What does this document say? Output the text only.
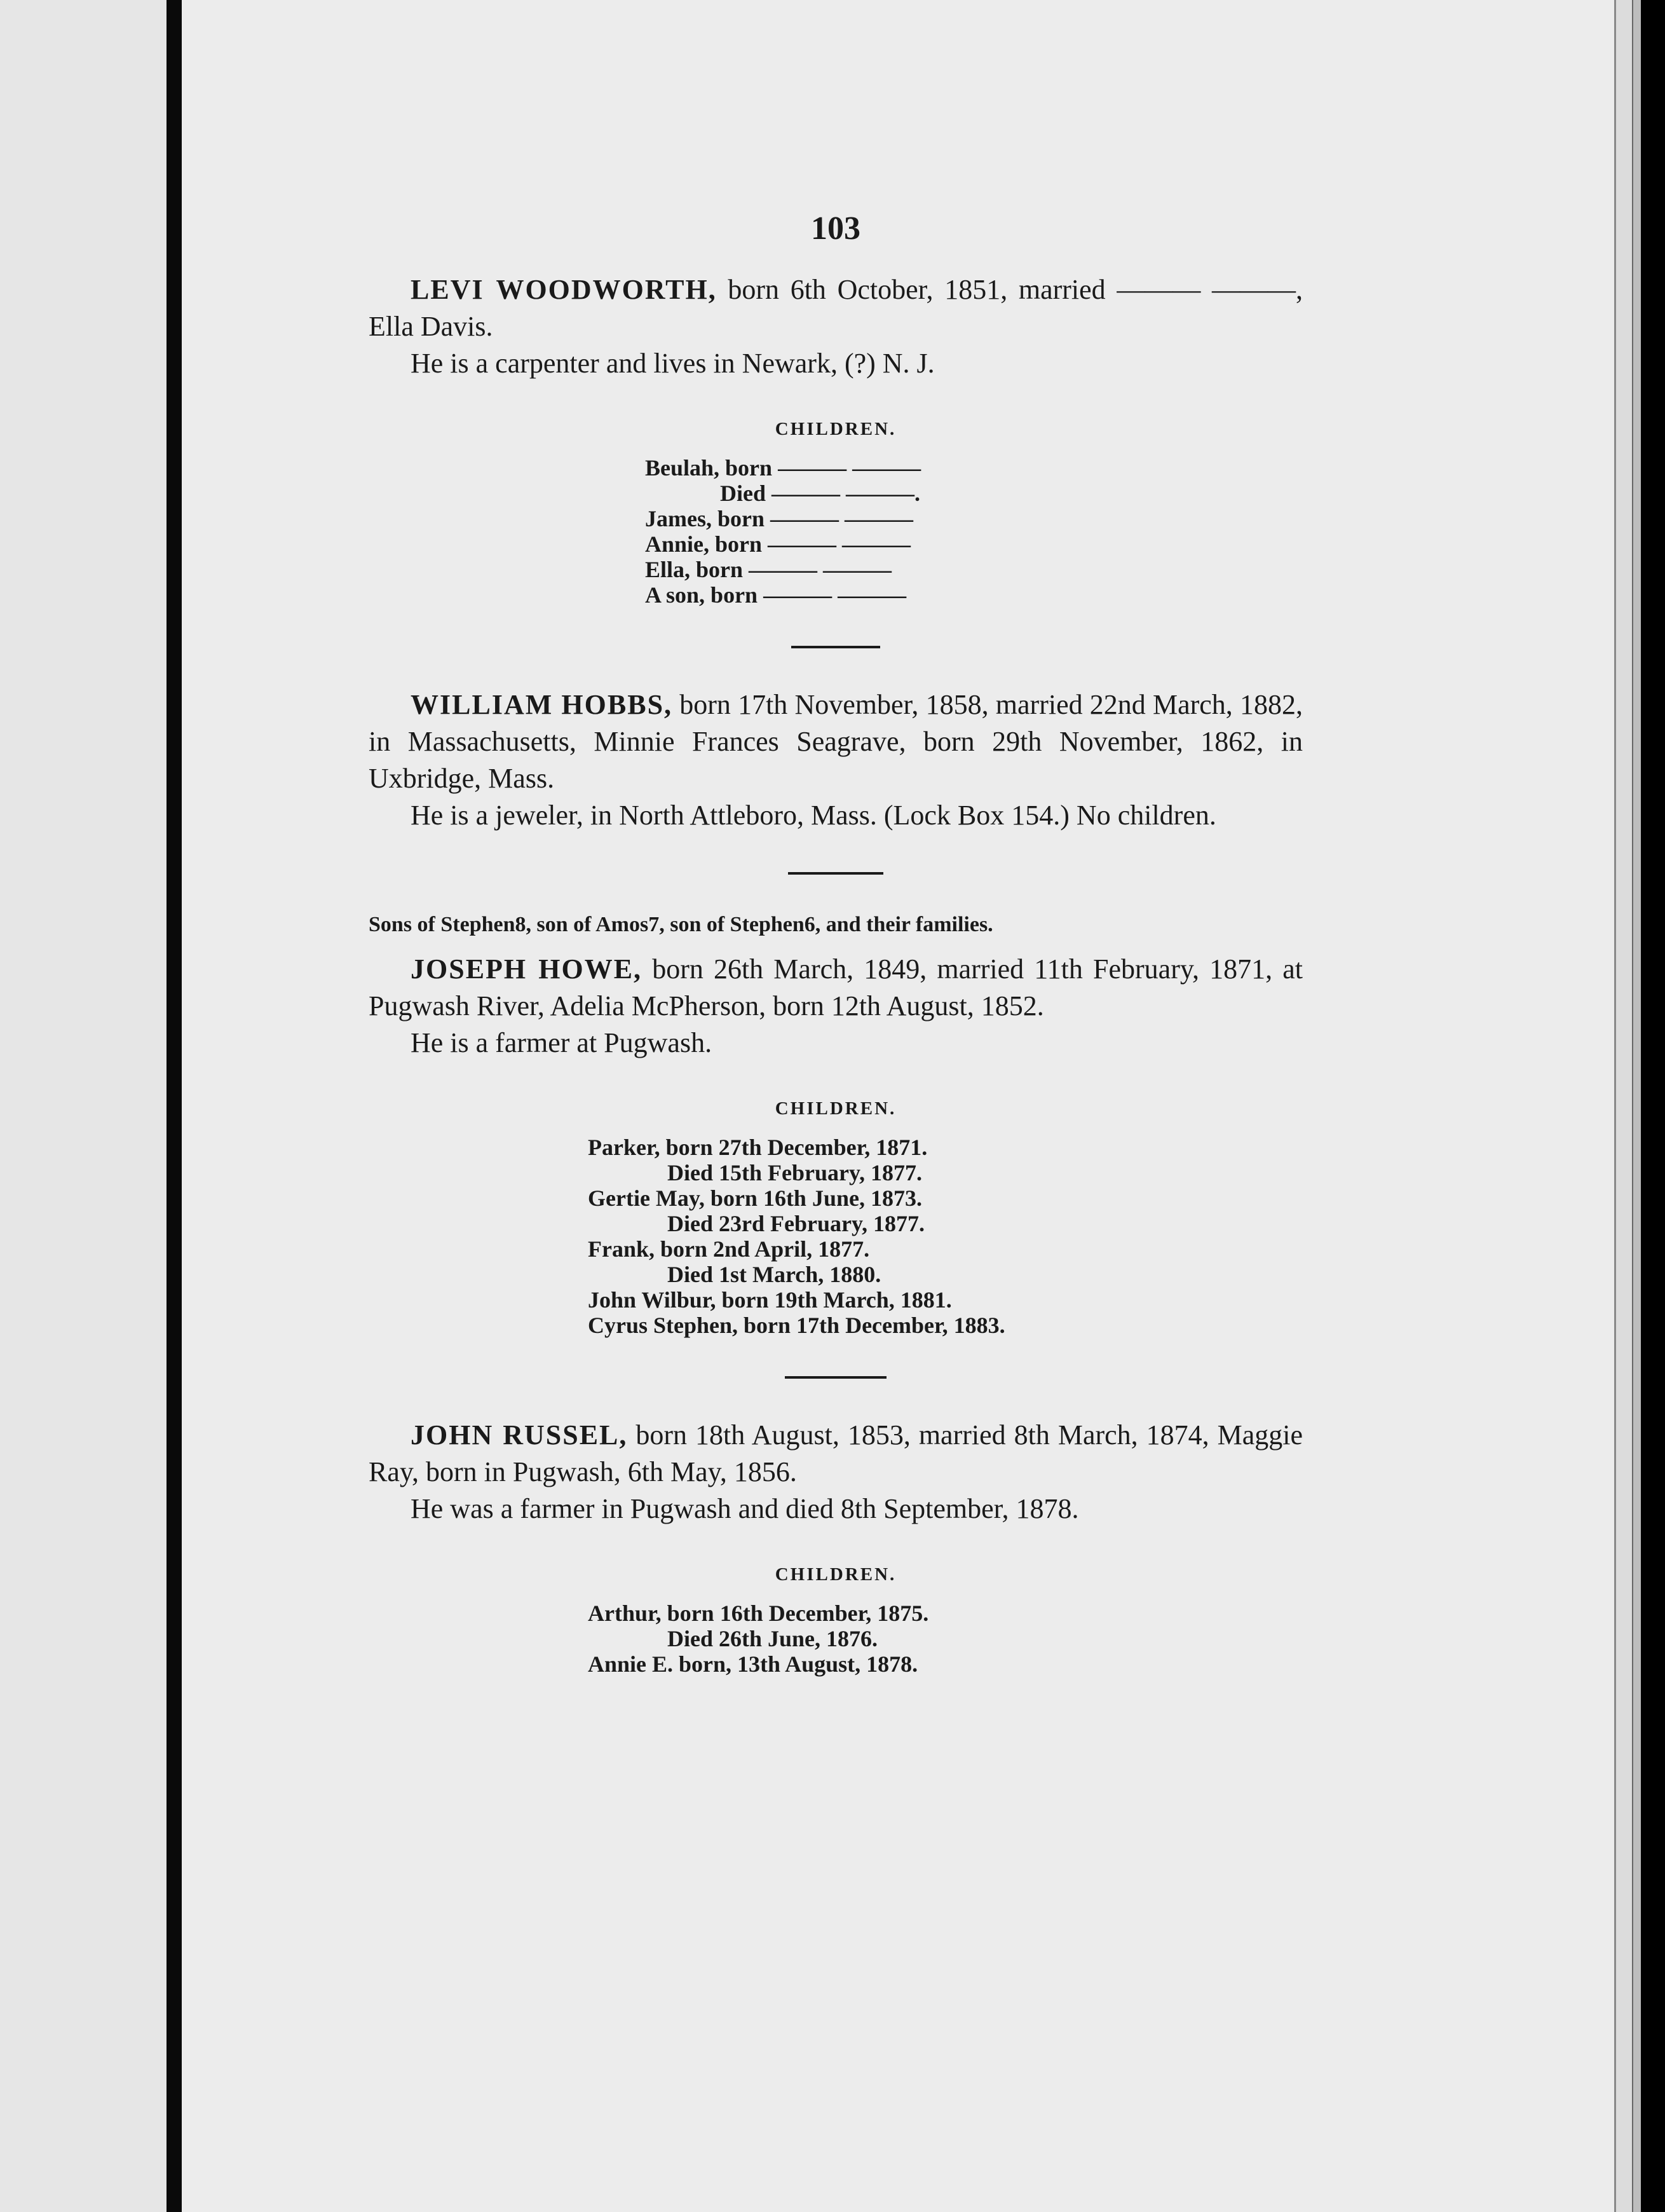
103

LEVI WOODWORTH, born 6th October, 1851, married ——— ———, Ella Davis.

He is a carpenter and lives in Newark, (?) N. J.

CHILDREN.
Beulah, born ——— ———
Died ——— ———.
James, born ——— ———
Annie, born ——— ———
Ella, born ——— ———
A son, born ——— ———

WILLIAM HOBBS, born 17th November, 1858, married 22nd March, 1882, in Massachusetts, Minnie Frances Seagrave, born 29th November, 1862, in Uxbridge, Mass.

He is a jeweler, in North Attleboro, Mass. (Lock Box 154.) No children.

Sons of Stephen8, son of Amos7, son of Stephen6, and their families.

JOSEPH HOWE, born 26th March, 1849, married 11th February, 1871, at Pugwash River, Adelia McPherson, born 12th August, 1852.

He is a farmer at Pugwash.

CHILDREN.
Parker, born 27th December, 1871.
Died 15th February, 1877.
Gertie May, born 16th June, 1873.
Died 23rd February, 1877.
Frank, born 2nd April, 1877.
Died 1st March, 1880.
John Wilbur, born 19th March, 1881.
Cyrus Stephen, born 17th December, 1883.

JOHN RUSSEL, born 18th August, 1853, married 8th March, 1874, Maggie Ray, born in Pugwash, 6th May, 1856.

He was a farmer in Pugwash and died 8th September, 1878.

CHILDREN.
Arthur, born 16th December, 1875.
Died 26th June, 1876.
Annie E. born, 13th August, 1878.
